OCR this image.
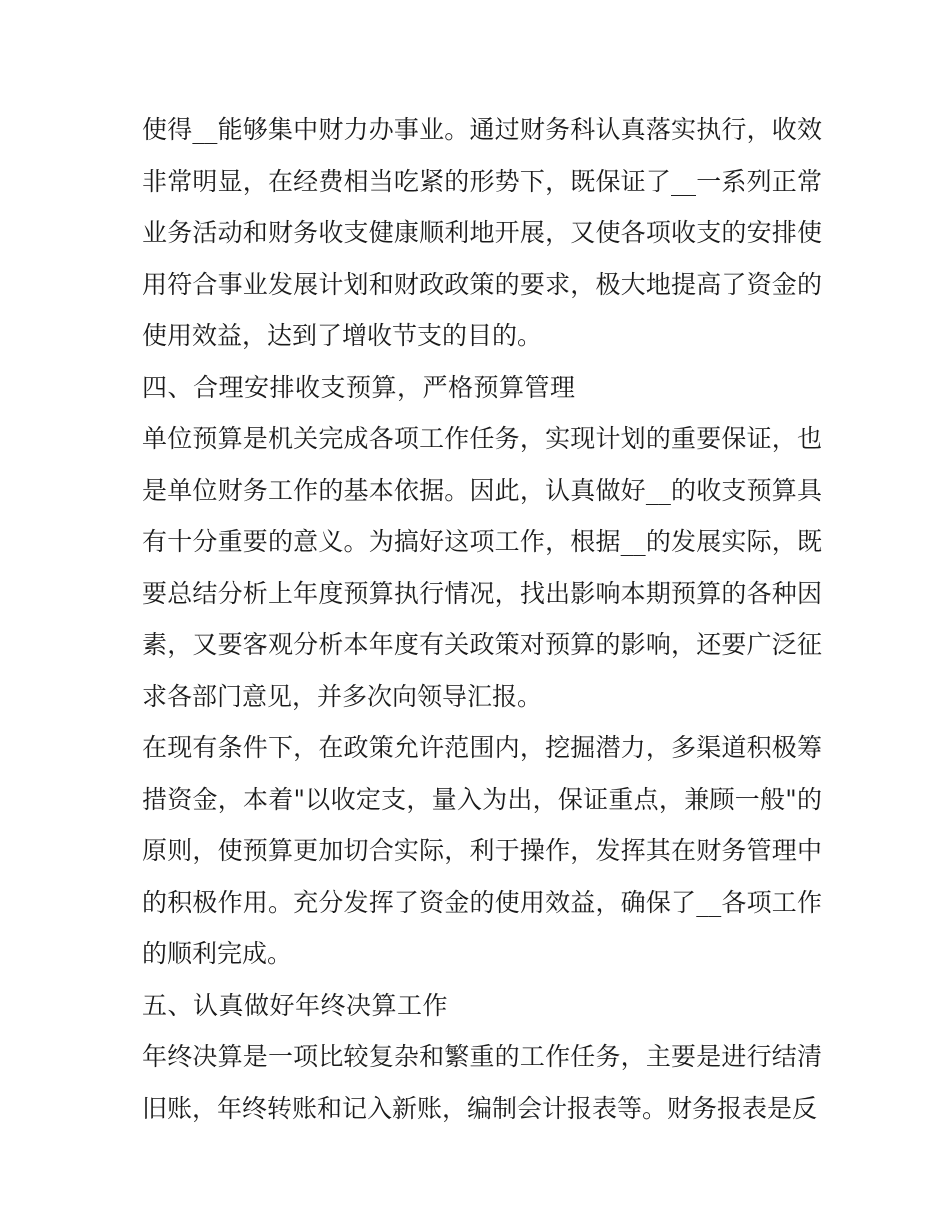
使得__能够集中财力办事业。通过财务科认真落实执行，收效非常明显，在经费相当吃紧的形势下，既保证了__一系列正常业务活动和财务收支健康顺利地开展，又使各项收支的安排使用符合事业发展计划和财政政策的要求，极大地提高了资金的使用效益，达到了增收节支的目的。

四、合理安排收支预算，严格预算管理

单位预算是机关完成各项工作任务，实现计划的重要保证，也是单位财务工作的基本依据。因此，认真做好__的收支预算具有十分重要的意义。为搞好这项工作，根据__的发展实际，既要总结分析上年度预算执行情况，找出影响本期预算的各种因素，又要客观分析本年度有关政策对预算的影响，还要广泛征求各部门意见，并多次向领导汇报。

在现有条件下，在政策允许范围内，挖掘潜力，多渠道积极筹措资金，本着"以收定支，量入为出，保证重点，兼顾一般"的原则，使预算更加切合实际，利于操作，发挥其在财务管理中的积极作用。充分发挥了资金的使用效益，确保了__各项工作的顺利完成。

五、认真做好年终决算工作

年终决算是一项比较复杂和繁重的工作任务，主要是进行结清旧账，年终转账和记入新账，编制会计报表等。财务报表是反
